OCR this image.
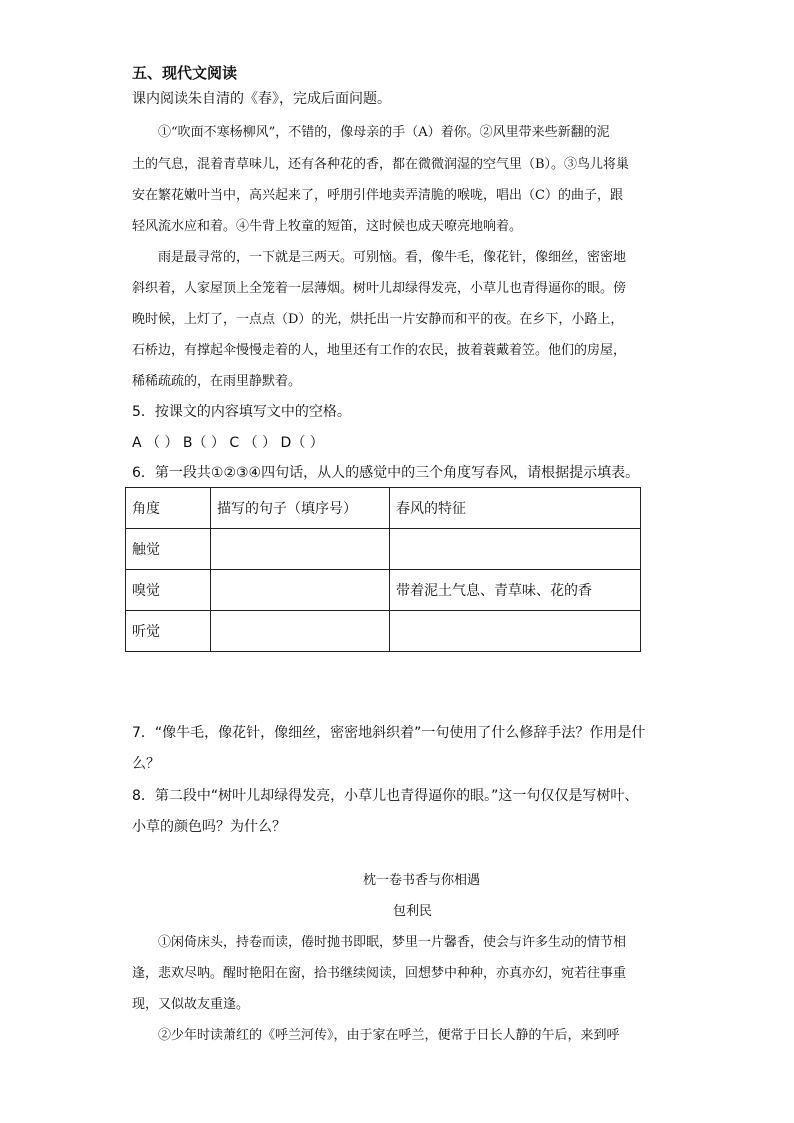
五、现代文阅读
课内阅读朱自清的《春》，完成后面问题。
①“吹面不寒杨柳风”，不错的，像母亲的手（A）着你。②风里带来些新翻的泥
土的气息，混着青草味儿，还有各种花的香，都在微微润湿的空气里（B）。③鸟儿将巢
安在繁花嫩叶当中，高兴起来了，呼朋引伴地卖弄清脆的喉咙，唱出（C）的曲子，跟
轻风流水应和着。④牛背上牧童的短笛，这时候也成天嘹亮地响着。
雨是最寻常的，一下就是三两天。可别恼。看，像牛毛，像花针，像细丝，密密地
斜织着，人家屋顶上全笼着一层薄烟。树叶儿却绿得发亮，小草儿也青得逼你的眼。傍
晚时候，上灯了，一点点（D）的光，烘托出一片安静而和平的夜。在乡下，小路上，
石桥边，有撑起伞慢慢走着的人，地里还有工作的农民，披着蓑戴着笠。他们的房屋，
稀稀疏疏的，在雨里静默着。
5．按课文的内容填写文中的空格。
A （ ） B（ ） C （ ） D（ ）
6．第一段共①②③④四句话，从人的感觉中的三个角度写春风，请根据提示填表。
角度	描写的句子（填序号）	春风的特征
触觉		
嗅觉		带着泥土气息、青草味、花的香
听觉		
7．“像牛毛，像花针，像细丝，密密地斜织着”一句使用了什么修辞手法？作用是什
么？
8．第二段中“树叶儿却绿得发亮，小草儿也青得逼你的眼。”这一句仅仅是写树叶、
小草的颜色吗？为什么？
枕一卷书香与你相遇
包利民
①闲倚床头，持卷而读，倦时抛书即眠，梦里一片馨香，使会与许多生动的情节相
逢，悲欢尽呐。醒时艳阳在窗，拾书继续阅读，回想梦中种种，亦真亦幻，宛若往事重
现，又似故友重逢。
②少年时读萧红的《呼兰河传》，由于家在呼兰，便常于日长人静的午后，来到呼
